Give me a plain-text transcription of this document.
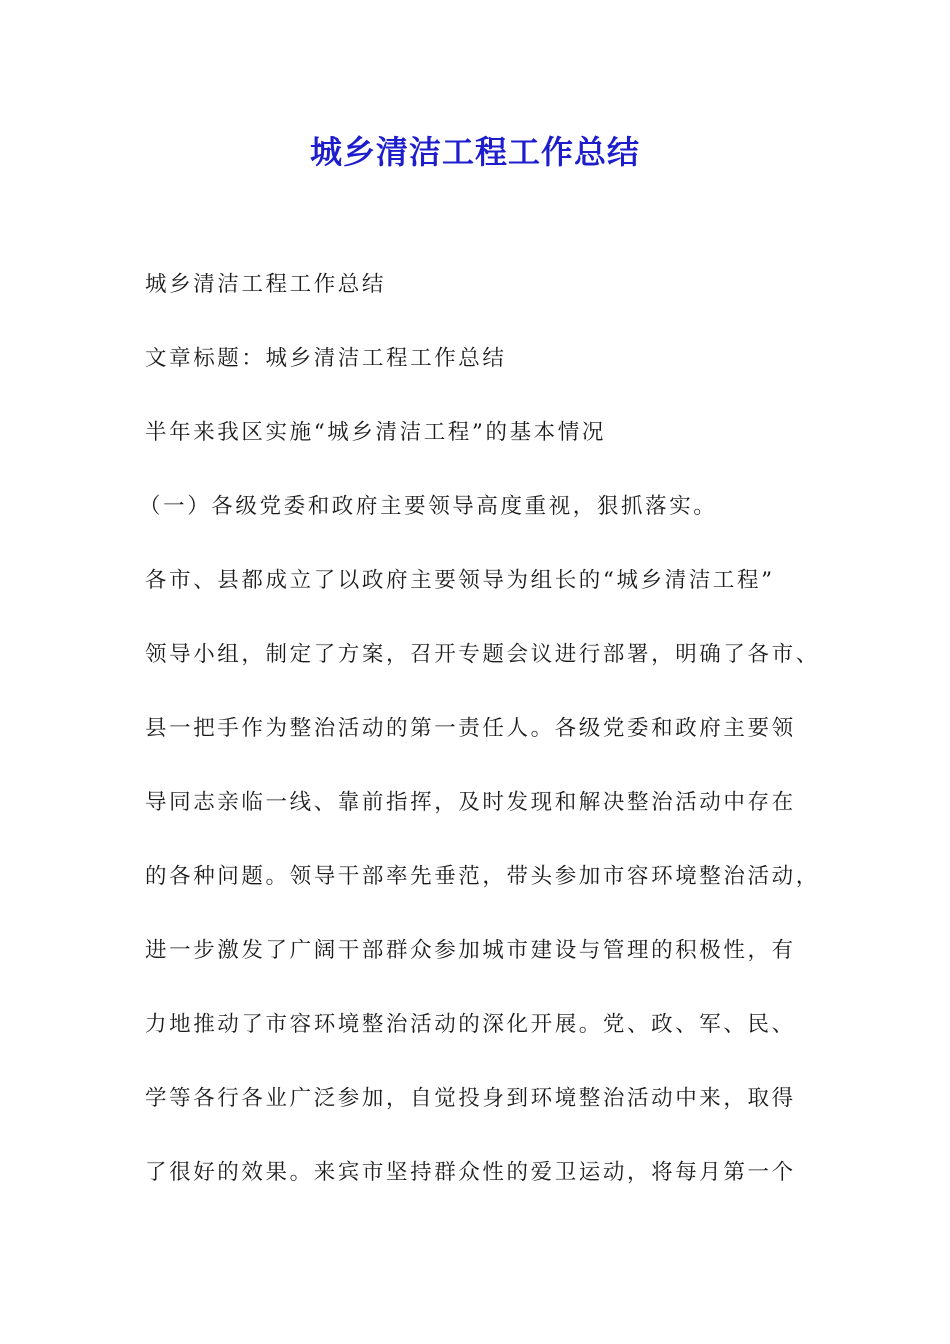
城乡清洁工程工作总结
城乡清洁工程工作总结
文章标题：城乡清洁工程工作总结
半年来我区实施“城乡清洁工程”的基本情况
（一）各级党委和政府主要领导高度重视，狠抓落实。
各市、县都成立了以政府主要领导为组长的“城乡清洁工程”
领导小组，制定了方案，召开专题会议进行部署，明确了各市、
县一把手作为整治活动的第一责任人。各级党委和政府主要领
导同志亲临一线、靠前指挥，及时发现和解决整治活动中存在
的各种问题。领导干部率先垂范，带头参加市容环境整治活动，
进一步激发了广阔干部群众参加城市建设与管理的积极性，有
力地推动了市容环境整治活动的深化开展。党、政、军、民、
学等各行各业广泛参加，自觉投身到环境整治活动中来，取得
了很好的效果。来宾市坚持群众性的爱卫运动，将每月第一个
